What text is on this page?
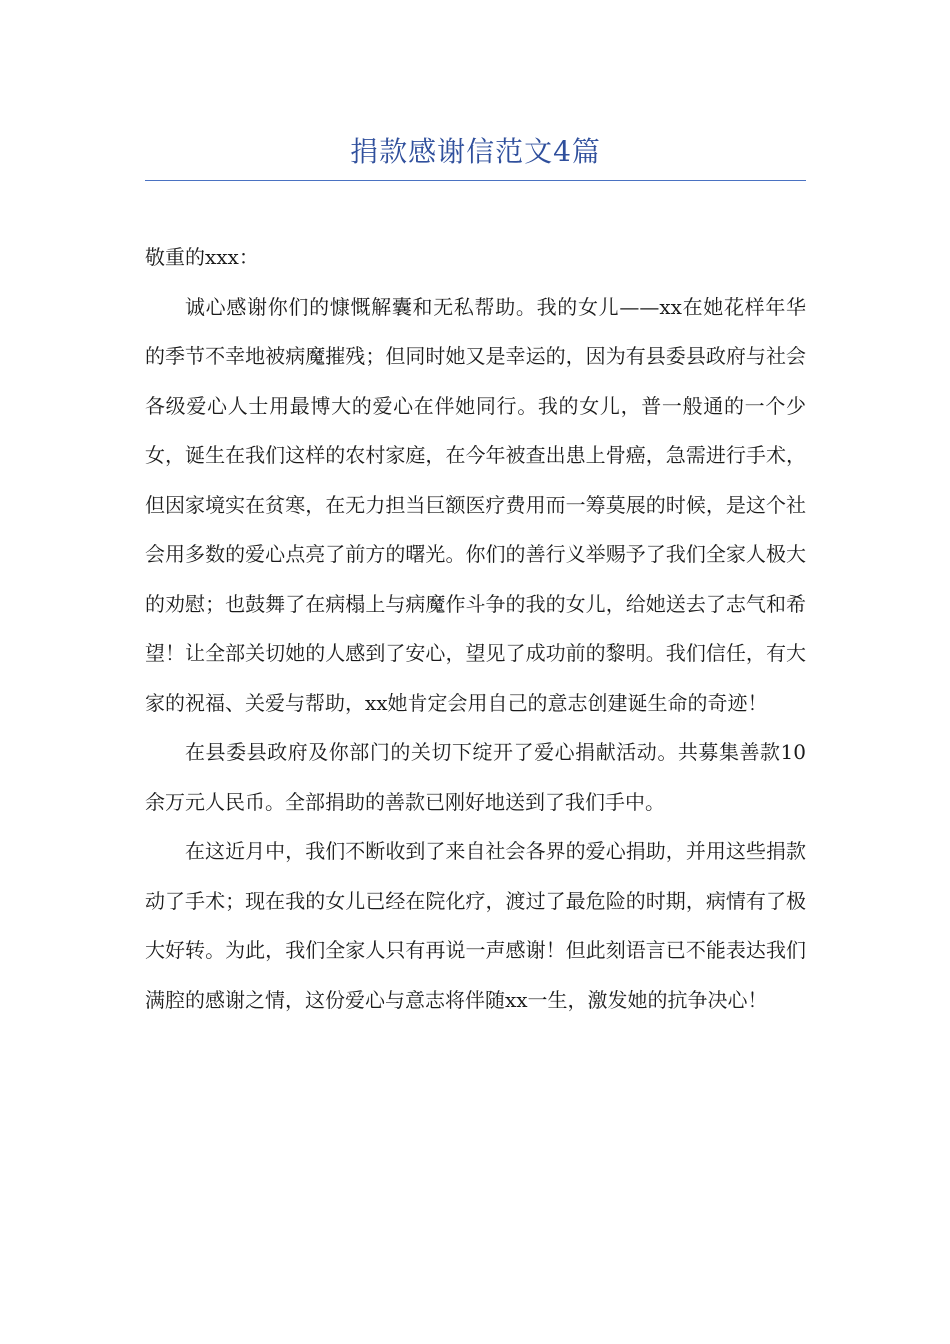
捐款感谢信范文4篇

敬重的xxx：

诚心感谢你们的慷慨解囊和无私帮助。我的女儿——xx在她花样年华的季节不幸地被病魔摧残；但同时她又是幸运的，因为有县委县政府与社会各级爱心人士用最博大的爱心在伴她同行。我的女儿，普一般通的一个少女，诞生在我们这样的农村家庭，在今年被查出患上骨癌，急需进行手术，但因家境实在贫寒，在无力担当巨额医疗费用而一筹莫展的时候，是这个社会用多数的爱心点亮了前方的曙光。你们的善行义举赐予了我们全家人极大的劝慰；也鼓舞了在病榻上与病魔作斗争的我的女儿，给她送去了志气和希望！让全部关切她的人感到了安心，望见了成功前的黎明。我们信任，有大家的祝福、关爱与帮助，xx她肯定会用自己的意志创建诞生命的奇迹！

在县委县政府及你部门的关切下绽开了爱心捐献活动。共募集善款10余万元人民币。全部捐助的善款已刚好地送到了我们手中。

在这近月中，我们不断收到了来自社会各界的爱心捐助，并用这些捐款动了手术；现在我的女儿已经在院化疗，渡过了最危险的时期，病情有了极大好转。为此，我们全家人只有再说一声感谢！但此刻语言已不能表达我们满腔的感谢之情，这份爱心与意志将伴随xx一生，激发她的抗争决心！
